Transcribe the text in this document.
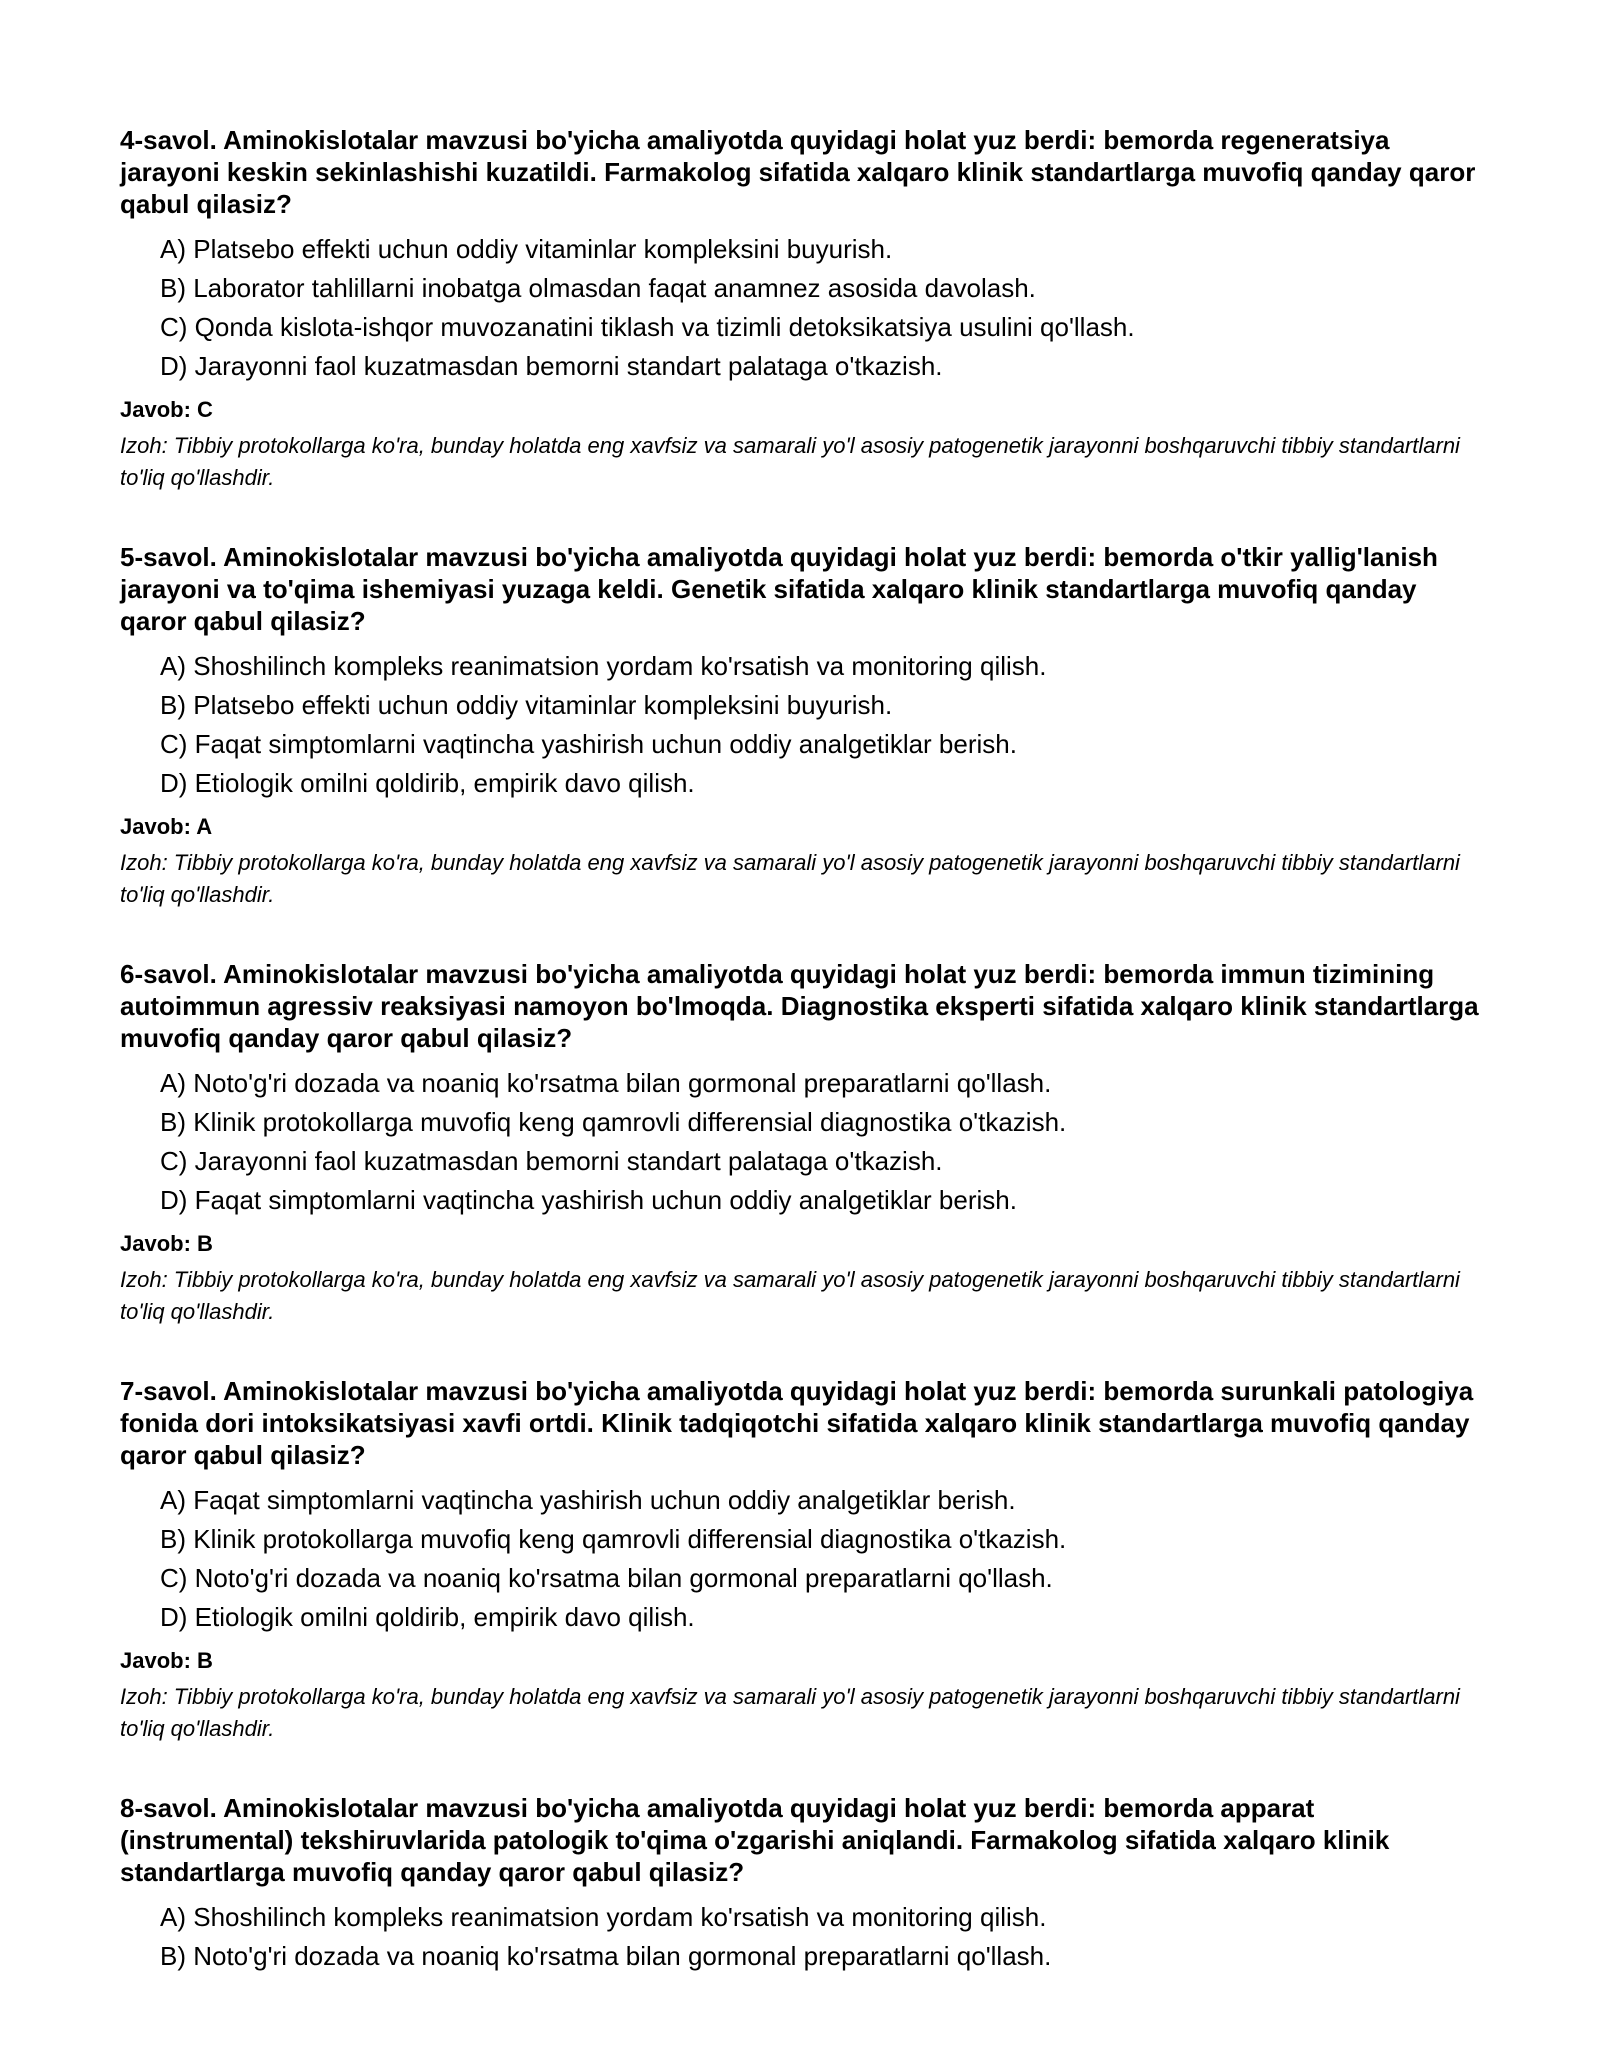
4-savol. Aminokislotalar mavzusi bo'yicha amaliyotda quyidagi holat yuz berdi: bemorda regeneratsiya jarayoni keskin sekinlashishi kuzatildi. Farmakolog sifatida xalqaro klinik standartlarga muvofiq qanday qaror qabul qilasiz?

A) Platsebo effekti uchun oddiy vitaminlar kompleksini buyurish.
B) Laborator tahlillarni inobatga olmasdan faqat anamnez asosida davolash.
C) Qonda kislota-ishqor muvozanatini tiklash va tizimli detoksikatsiya usulini qo'llash.
D) Jarayonni faol kuzatmasdan bemorni standart palataga o'tkazish.
Javob: C

Izoh: Tibbiy protokollarga ko'ra, bunday holatda eng xavfsiz va samarali yo'l asosiy patogenetik jarayonni boshqaruvchi tibbiy standartlarni to'liq qo'llashdir.

5-savol. Aminokislotalar mavzusi bo'yicha amaliyotda quyidagi holat yuz berdi: bemorda o'tkir yallig'lanish jarayoni va to'qima ishemiyasi yuzaga keldi. Genetik sifatida xalqaro klinik standartlarga muvofiq qanday qaror qabul qilasiz?

A) Shoshilinch kompleks reanimatsion yordam ko'rsatish va monitoring qilish.
B) Platsebo effekti uchun oddiy vitaminlar kompleksini buyurish.
C) Faqat simptomlarni vaqtincha yashirish uchun oddiy analgetiklar berish.
D) Etiologik omilni qoldirib, empirik davo qilish.
Javob: A

Izoh: Tibbiy protokollarga ko'ra, bunday holatda eng xavfsiz va samarali yo'l asosiy patogenetik jarayonni boshqaruvchi tibbiy standartlarni to'liq qo'llashdir.

6-savol. Aminokislotalar mavzusi bo'yicha amaliyotda quyidagi holat yuz berdi: bemorda immun tizimining autoimmun agressiv reaksiyasi namoyon bo'lmoqda. Diagnostika eksperti sifatida xalqaro klinik standartlarga muvofiq qanday qaror qabul qilasiz?

A) Noto'g'ri dozada va noaniq ko'rsatma bilan gormonal preparatlarni qo'llash.
B) Klinik protokollarga muvofiq keng qamrovli differensial diagnostika o'tkazish.
C) Jarayonni faol kuzatmasdan bemorni standart palataga o'tkazish.
D) Faqat simptomlarni vaqtincha yashirish uchun oddiy analgetiklar berish.
Javob: B

Izoh: Tibbiy protokollarga ko'ra, bunday holatda eng xavfsiz va samarali yo'l asosiy patogenetik jarayonni boshqaruvchi tibbiy standartlarni to'liq qo'llashdir.

7-savol. Aminokislotalar mavzusi bo'yicha amaliyotda quyidagi holat yuz berdi: bemorda surunkali patologiya fonida dori intoksikatsiyasi xavfi ortdi. Klinik tadqiqotchi sifatida xalqaro klinik standartlarga muvofiq qanday qaror qabul qilasiz?

A) Faqat simptomlarni vaqtincha yashirish uchun oddiy analgetiklar berish.
B) Klinik protokollarga muvofiq keng qamrovli differensial diagnostika o'tkazish.
C) Noto'g'ri dozada va noaniq ko'rsatma bilan gormonal preparatlarni qo'llash.
D) Etiologik omilni qoldirib, empirik davo qilish.
Javob: B

Izoh: Tibbiy protokollarga ko'ra, bunday holatda eng xavfsiz va samarali yo'l asosiy patogenetik jarayonni boshqaruvchi tibbiy standartlarni to'liq qo'llashdir.

8-savol. Aminokislotalar mavzusi bo'yicha amaliyotda quyidagi holat yuz berdi: bemorda apparat (instrumental) tekshiruvlarida patologik to'qima o'zgarishi aniqlandi. Farmakolog sifatida xalqaro klinik standartlarga muvofiq qanday qaror qabul qilasiz?

A) Shoshilinch kompleks reanimatsion yordam ko'rsatish va monitoring qilish.
B) Noto'g'ri dozada va noaniq ko'rsatma bilan gormonal preparatlarni qo'llash.
